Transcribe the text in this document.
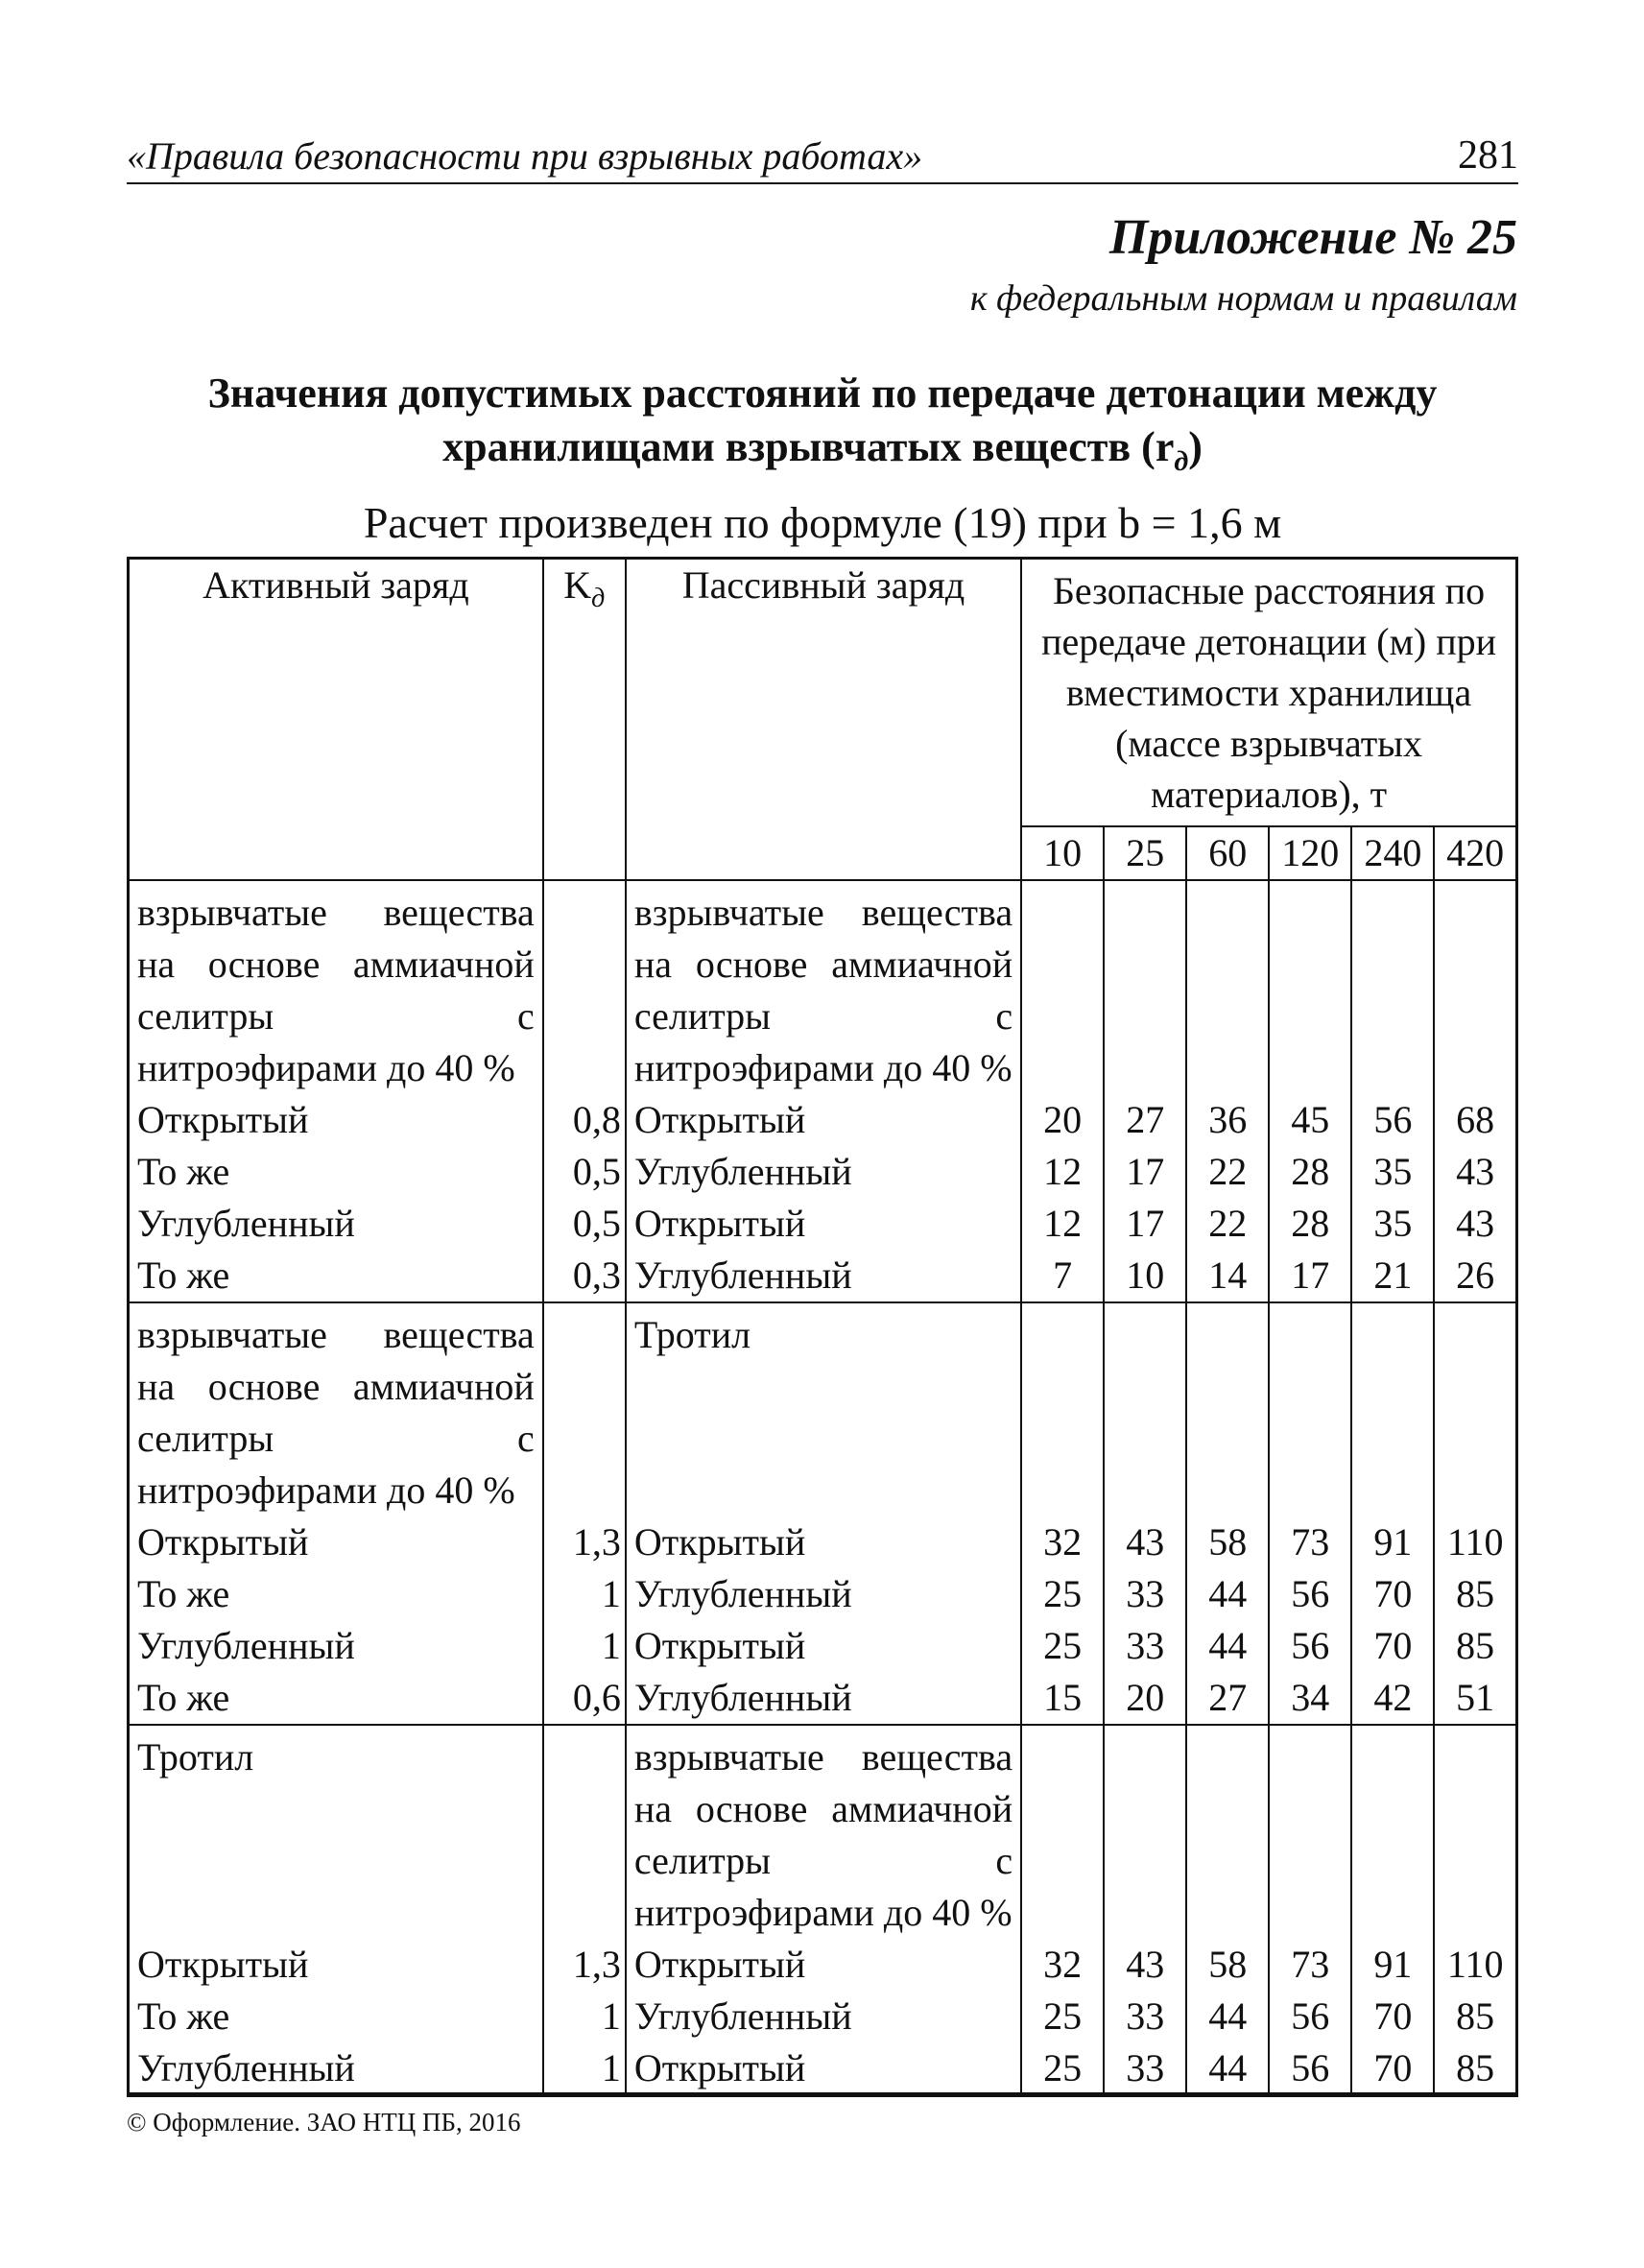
«Правила безопасности при взрывных работах»	281
Приложение № 25
к федеральным нормам и правилам
Значения допустимых расстояний по передаче детонации между
хранилищами взрывчатых веществ $(r_д)$
Расчет произведен по формуле (19) при b = 1,6 м
Активный заряд	$K_д$	Пассивный заряд	Безопасные расстояния по передаче детонации (м) при вместимости хранилища (массе взрывчатых материалов), т					
			10	25	60	120	240	420
взрывчатые вещества на основе аммиачной селитры с нитроэфирами до 40 %		взрывчатые вещества на основе аммиачной селитры с нитроэфирами до 40 %						
Открытый	0,8	Открытый	20	27	36	45	56	68
То же	0,5	Углубленный	12	17	22	28	35	43
Углубленный	0,5	Открытый	12	17	22	28	35	43
То же	0,3	Углубленный	7	10	14	17	21	26
взрывчатые вещества на основе аммиачной селитры с нитроэфирами до 40 %		Тротил						
Открытый	1,3	Открытый	32	43	58	73	91	110
То же	1	Углубленный	25	33	44	56	70	85
Углубленный	1	Открытый	25	33	44	56	70	85
То же	0,6	Углубленный	15	20	27	34	42	51
Тротил		взрывчатые вещества на основе аммиачной селитры с нитроэфирами до 40 %						
Открытый	1,3	Открытый	32	43	58	73	91	110
То же	1	Углубленный	25	33	44	56	70	85
Углубленный	1	Открытый	25	33	44	56	70	85
© Оформление. ЗАО НТЦ ПБ, 2016
